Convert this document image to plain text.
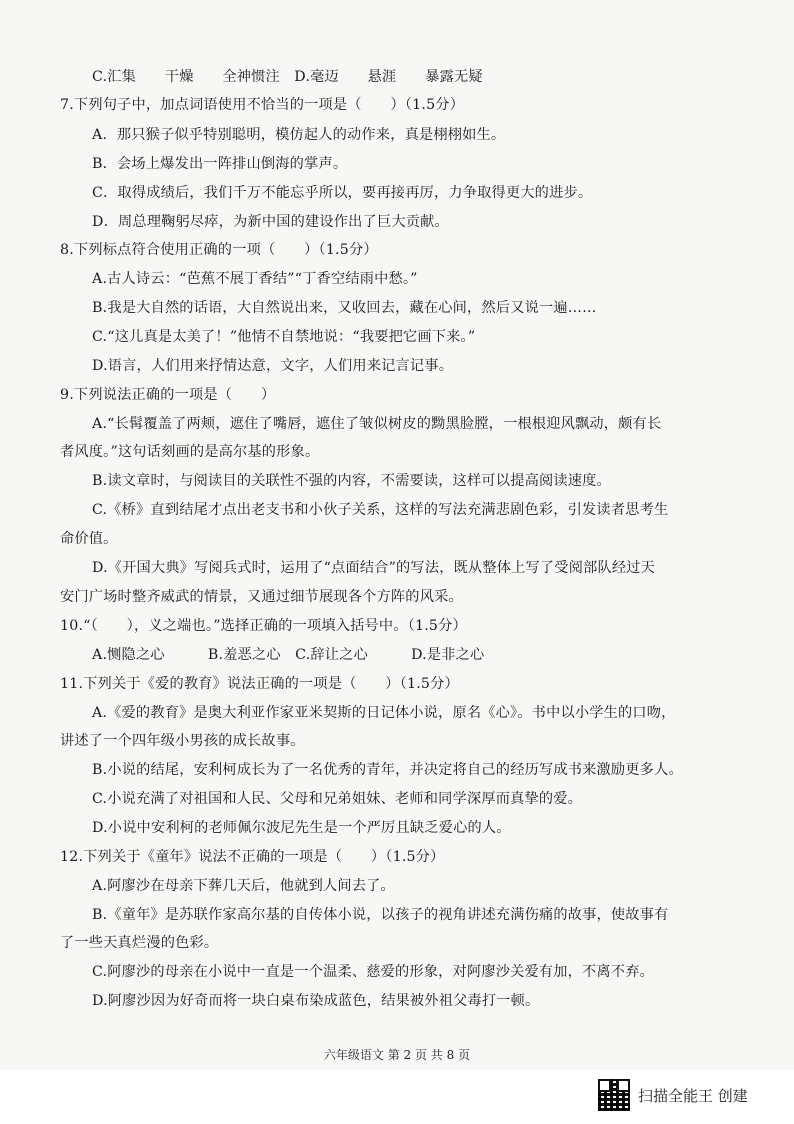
C.汇集　　干燥　　全神惯注　D.毫迈　　悬涯　　暴露无疑
7.下列句子中，加点词语使用不恰当的一项是（　　）（1.5分）
A．那只猴子似乎特别聪明，模仿起人的动作来，真是栩栩如生。
B．会场上爆发出一阵排山倒海的掌声。
C．取得成绩后，我们千万不能忘乎所以，要再接再厉，力争取得更大的进步。
D．周总理鞠躬尽瘁，为新中国的建设作出了巨大贡献。
8.下列标点符合使用正确的一项（　　）（1.5分）
A.古人诗云：“芭蕉不展丁香结”“丁香空结雨中愁。”
B.我是大自然的话语，大自然说出来，又收回去，藏在心间，然后又说一遍……
C.“这儿真是太美了！”他情不自禁地说：“我要把它画下来。”
D.语言，人们用来抒情达意，文字，人们用来记言记事。
9.下列说法正确的一项是（　　）
A.“长髯覆盖了两颊，遮住了嘴唇，遮住了皱似树皮的黝黑脸膛，一根根迎风飘动，颇有长
者风度。”这句话刻画的是高尔基的形象。
B.读文章时，与阅读目的关联性不强的内容，不需要读，这样可以提高阅读速度。
C.《桥》直到结尾才点出老支书和小伙子关系，这样的写法充满悲剧色彩，引发读者思考生
命价值。
D.《开国大典》写阅兵式时，运用了“点面结合”的写法，既从整体上写了受阅部队经过天
安门广场时整齐威武的情景，又通过细节展现各个方阵的风采。
10.“（　　），义之端也。”选择正确的一项填入括号中。（1.5分）
A.恻隐之心　　　B.羞恶之心　C.辞让之心　　　D.是非之心
11.下列关于《爱的教育》说法正确的一项是（　　）（1.5分）
A.《爱的教育》是奥大利亚作家亚米契斯的日记体小说，原名《心》。书中以小学生的口吻，
讲述了一个四年级小男孩的成长故事。
B.小说的结尾，安利柯成长为了一名优秀的青年，并决定将自己的经历写成书来激励更多人。
C.小说充满了对祖国和人民、父母和兄弟姐妹、老师和同学深厚而真挚的爱。
D.小说中安利柯的老师佩尔波尼先生是一个严厉且缺乏爱心的人。
12.下列关于《童年》说法不正确的一项是（　　）（1.5分）
A.阿廖沙在母亲下葬几天后，他就到人间去了。
B.《童年》是苏联作家高尔基的自传体小说，以孩子的视角讲述充满伤痛的故事，使故事有
了一些天真烂漫的色彩。
C.阿廖沙的母亲在小说中一直是一个温柔、慈爱的形象，对阿廖沙关爱有加，不离不弃。
D.阿廖沙因为好奇而将一块白桌布染成蓝色，结果被外祖父毒打一顿。
六年级语文 第 2 页 共 8 页
扫描全能王 创建
